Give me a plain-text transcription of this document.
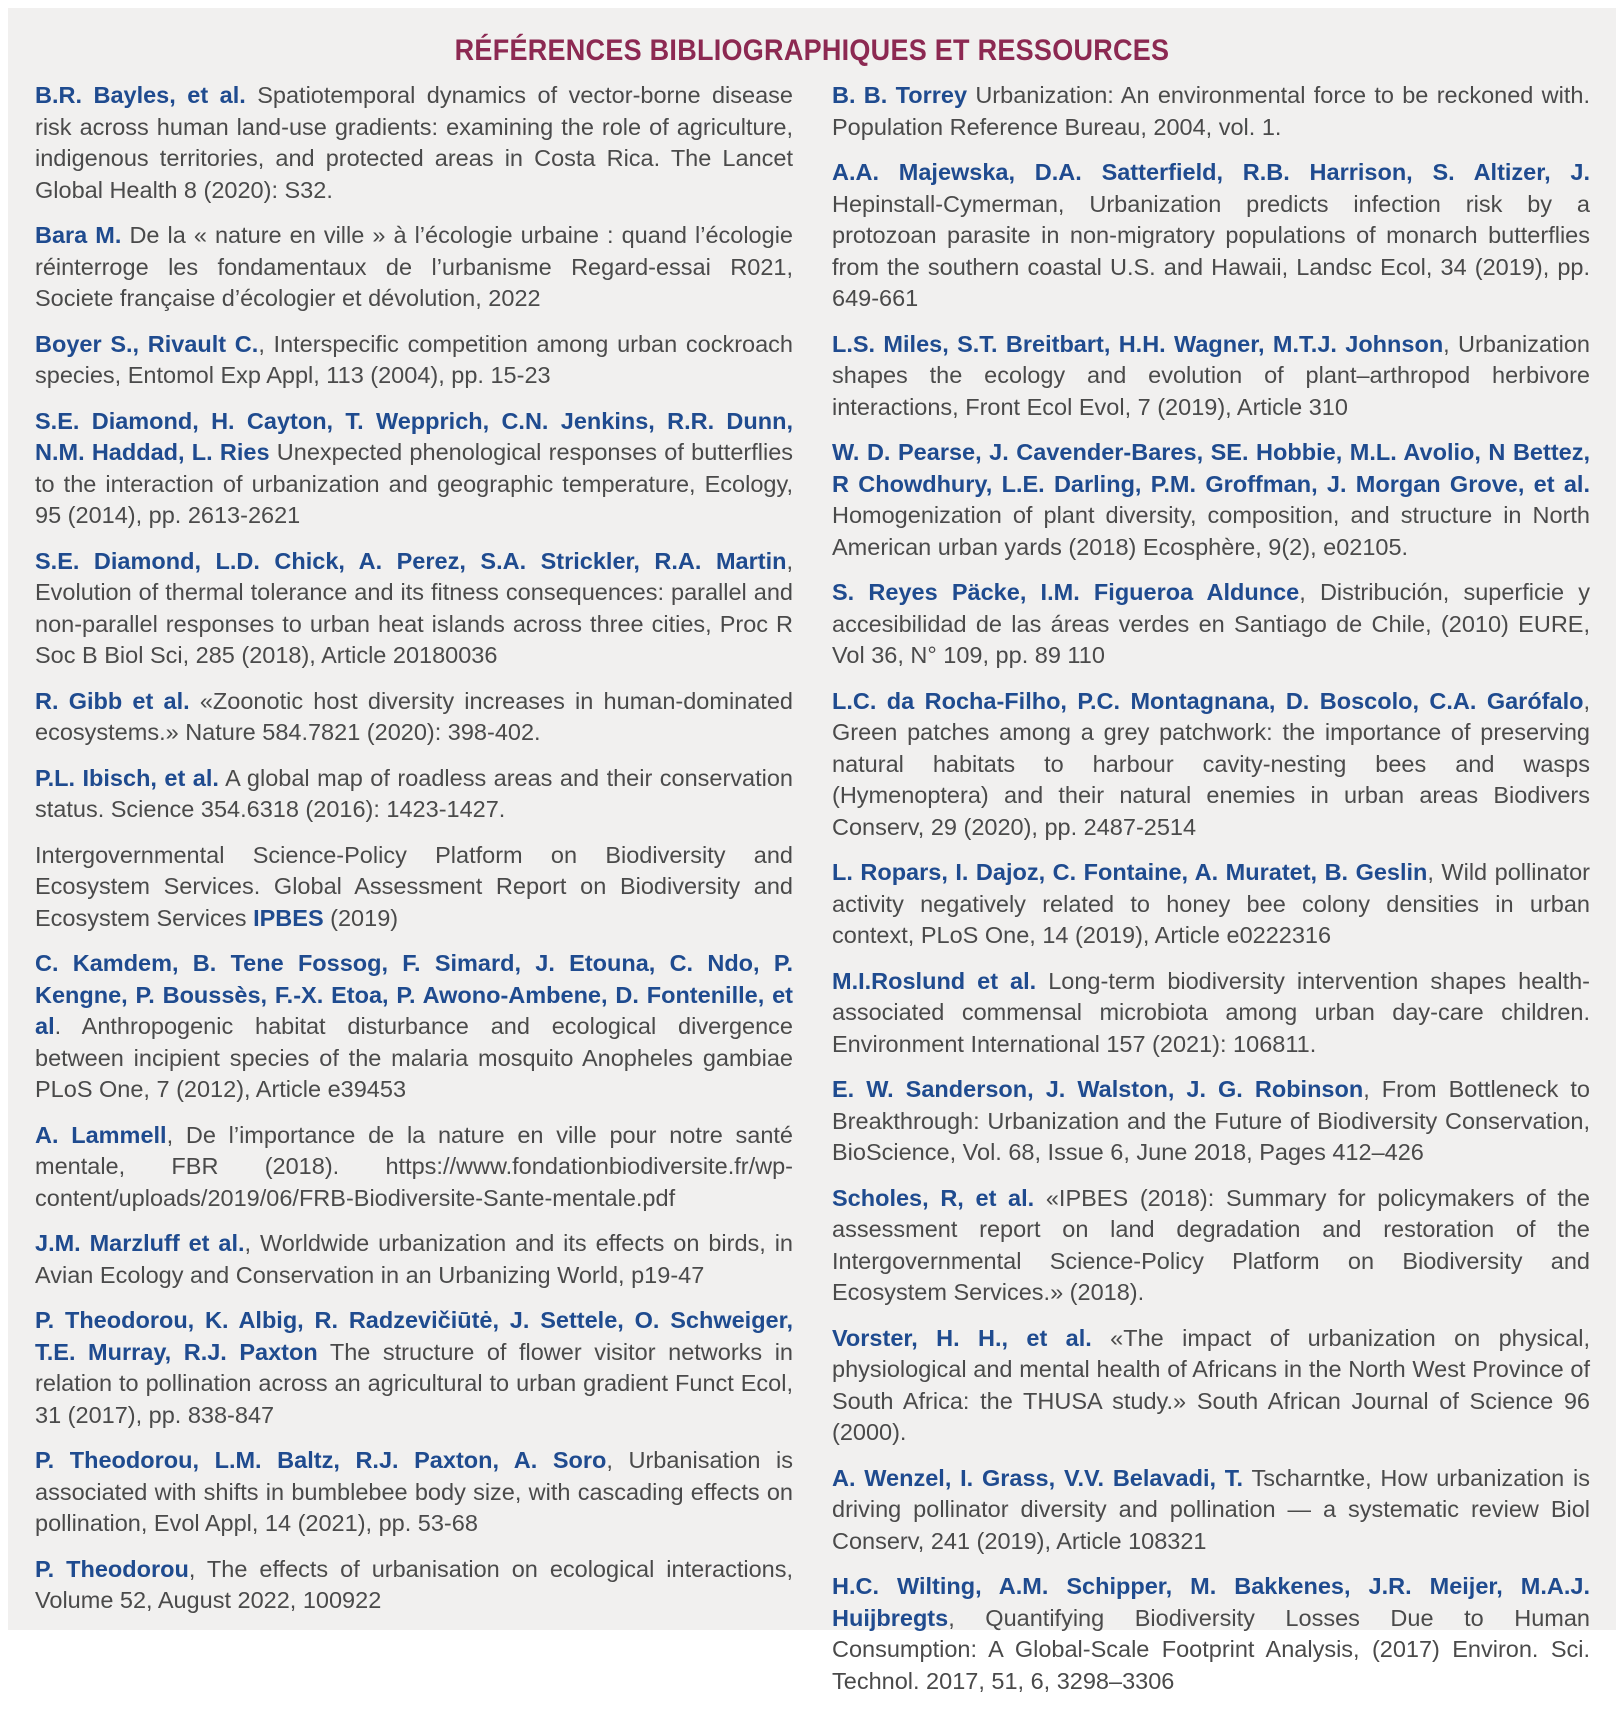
RÉFÉRENCES BIBLIOGRAPHIQUES ET RESSOURCES

B.R. Bayles, et al. Spatiotemporal dynamics of vector-borne disease risk across human land-use gradients: examining the role of agriculture, indigenous territories, and protected areas in Costa Rica. The Lancet Global Health 8 (2020): S32.

Bara M. De la « nature en ville » à l’écologie urbaine : quand l’écologie réinterroge les fondamentaux de l’urbanisme Regard-essai R021, Societe française d’écologier et dévolution, 2022

Boyer S., Rivault C., Interspecific competition among urban cockroach species, Entomol Exp Appl, 113 (2004), pp. 15-23

S.E. Diamond, H. Cayton, T. Wepprich, C.N. Jenkins, R.R. Dunn, N.M. Haddad, L. Ries Unexpected phenological responses of butterflies to the interaction of urbanization and geographic temperature, Ecology, 95 (2014), pp. 2613-2621

S.E. Diamond, L.D. Chick, A. Perez, S.A. Strickler, R.A. Martin, Evolution of thermal tolerance and its fitness consequences: parallel and non-parallel responses to urban heat islands across three cities, Proc R Soc B Biol Sci, 285 (2018), Article 20180036

R. Gibb et al. «Zoonotic host diversity increases in human-dominated ecosystems.» Nature 584.7821 (2020): 398-402.

P.L. Ibisch, et al. A global map of roadless areas and their conservation status. Science 354.6318 (2016): 1423-1427.

Intergovernmental Science-Policy Platform on Biodiversity and Ecosystem Services. Global Assessment Report on Biodiversity and Ecosystem Services IPBES (2019)

C. Kamdem, B. Tene Fossog, F. Simard, J. Etouna, C. Ndo, P. Kengne, P. Boussès, F.-X. Etoa, P. Awono-Ambene, D. Fontenille, et al. Anthropogenic habitat disturbance and ecological divergence between incipient species of the malaria mosquito Anopheles gambiae PLoS One, 7 (2012), Article e39453

A. Lammell, De l’importance de la nature en ville pour notre santé mentale, FBR (2018). https://www.fondationbiodiversite.fr/wp-content/uploads/2019/06/FRB-Biodiversite-Sante-mentale.pdf

J.M. Marzluff et al., Worldwide urbanization and its effects on birds, in Avian Ecology and Conservation in an Urbanizing World, p19-47

P. Theodorou, K. Albig, R. Radzevičiūtė, J. Settele, O. Schweiger, T.E. Murray, R.J. Paxton The structure of flower visitor networks in relation to pollination across an agricultural to urban gradient Funct Ecol, 31 (2017), pp. 838-847

P. Theodorou, L.M. Baltz, R.J. Paxton, A. Soro, Urbanisation is associated with shifts in bumblebee body size, with cascading effects on pollination, Evol Appl, 14 (2021), pp. 53-68

P. Theodorou, The effects of urbanisation on ecological interactions, Volume 52, August 2022, 100922

B. B. Torrey Urbanization: An environmental force to be reckoned with. Population Reference Bureau, 2004, vol. 1.

A.A. Majewska, D.A. Satterfield, R.B. Harrison, S. Altizer, J. Hepinstall-Cymerman, Urbanization predicts infection risk by a protozoan parasite in non-migratory populations of monarch butterflies from the southern coastal U.S. and Hawaii, Landsc Ecol, 34 (2019), pp. 649-661

L.S. Miles, S.T. Breitbart, H.H. Wagner, M.T.J. Johnson, Urbanization shapes the ecology and evolution of plant–arthropod herbivore interactions, Front Ecol Evol, 7 (2019), Article 310

W. D. Pearse, J. Cavender-Bares, SE. Hobbie, M.L. Avolio, N Bettez, R Chowdhury, L.E. Darling, P.M. Groffman, J. Morgan Grove, et al. Homogenization of plant diversity, composition, and structure in North American urban yards (2018) Ecosphère, 9(2), e02105.

S. Reyes Päcke, I.M. Figueroa Aldunce, Distribución, superficie y accesibilidad de las áreas verdes en Santiago de Chile, (2010) EURE, Vol 36, N° 109, pp. 89 110

L.C. da Rocha-Filho, P.C. Montagnana, D. Boscolo, C.A. Garófalo, Green patches among a grey patchwork: the importance of preserving natural habitats to harbour cavity-nesting bees and wasps (Hymenoptera) and their natural enemies in urban areas Biodivers Conserv, 29 (2020), pp. 2487-2514

L. Ropars, I. Dajoz, C. Fontaine, A. Muratet, B. Geslin, Wild pollinator activity negatively related to honey bee colony densities in urban context, PLoS One, 14 (2019), Article e0222316

M.I.Roslund et al. Long-term biodiversity intervention shapes health-associated commensal microbiota among urban day-care children. Environment International 157 (2021): 106811.

E. W. Sanderson, J. Walston, J. G. Robinson, From Bottleneck to Breakthrough: Urbanization and the Future of Biodiversity Conservation, BioScience, Vol. 68, Issue 6, June 2018, Pages 412–426

Scholes, R, et al. «IPBES (2018): Summary for policymakers of the assessment report on land degradation and restoration of the Intergovernmental Science-Policy Platform on Biodiversity and Ecosystem Services.» (2018).

Vorster, H. H., et al. «The impact of urbanization on physical, physiological and mental health of Africans in the North West Province of South Africa: the THUSA study.» South African Journal of Science 96 (2000).

A. Wenzel, I. Grass, V.V. Belavadi, T. Tscharntke, How urbanization is driving pollinator diversity and pollination — a systematic review Biol Conserv, 241 (2019), Article 108321

H.C. Wilting, A.M. Schipper, M. Bakkenes, J.R. Meijer, M.A.J. Huijbregts, Quantifying Biodiversity Losses Due to Human Consumption: A Global-Scale Footprint Analysis, (2017) Environ. Sci. Technol. 2017, 51, 6, 3298–3306
